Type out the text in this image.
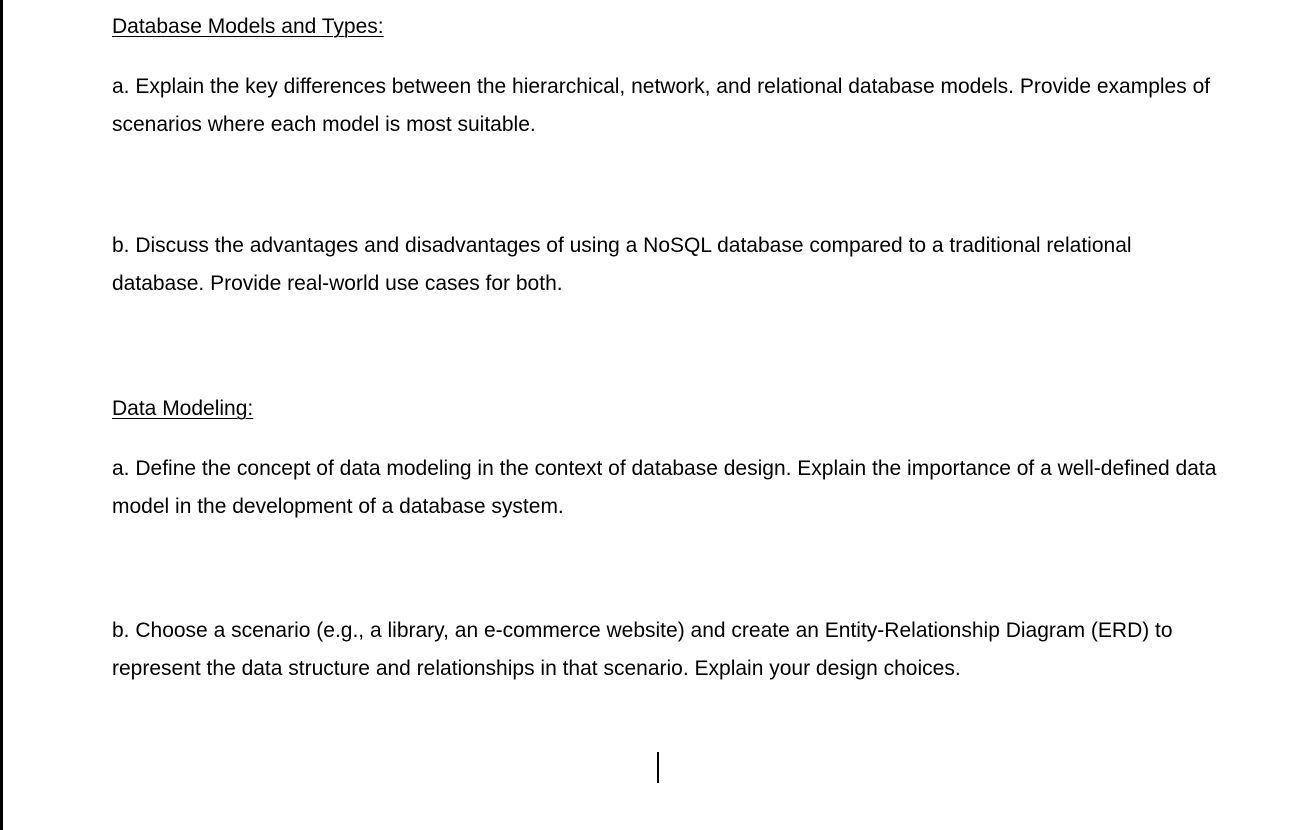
Database Models and Types:

a. Explain the key differences between the hierarchical, network, and relational database models. Provide examples of scenarios where each model is most suitable.

b. Discuss the advantages and disadvantages of using a NoSQL database compared to a traditional relational database. Provide real-world use cases for both.

Data Modeling:

a. Define the concept of data modeling in the context of database design. Explain the importance of a well-defined data model in the development of a database system.

b. Choose a scenario (e.g., a library, an e-commerce website) and create an Entity-Relationship Diagram (ERD) to represent the data structure and relationships in that scenario. Explain your design choices.
